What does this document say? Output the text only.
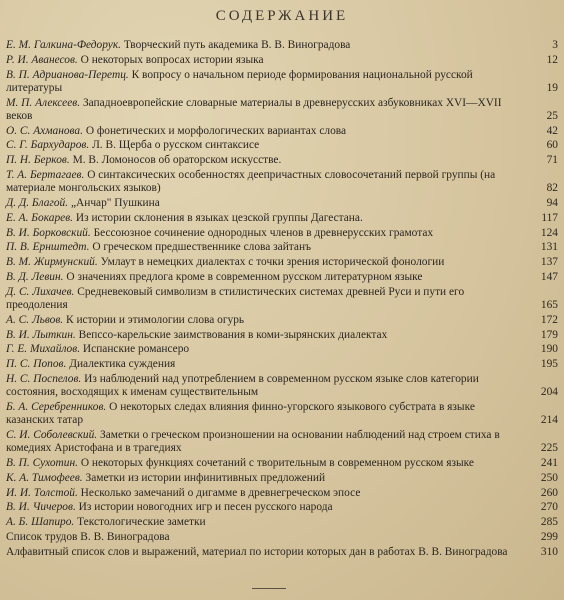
СОДЕРЖАНИЕ
Е. М. Галкина-Федорук. Творческий путь академика В. В. Виноградова	3
Р. И. Аванесов. О некоторых вопросах истории языка	12
В. П. Адрианова-Перетц. К вопросу о начальном периоде формирования национальной русской литературы	19
М. П. Алексеев. Западноевропейские словарные материалы в древнерусских азбуковниках XVI—XVII веков	25
О. С. Ахманова. О фонетических и морфологических вариантах слова	42
С. Г. Бархударов. Л. В. Щерба о русском синтаксисе	60
П. Н. Берков. М. В. Ломоносов об ораторском искусстве.	71
Т. А. Бертагаев. О синтаксических особенностях деепричастных словосочетаний первой группы (на материале монгольских языков)	82
Д. Д. Благой. „Анчар" Пушкина	94
Е. А. Бокарев. Из истории склонения в языках цезской группы Дагестана.	117
В. И. Борковский. Бессоюзное сочинение однородных членов в древнерусских грамотах	124
П. В. Ернштедт. О греческом предшественнике слова зайтанъ	131
В. М. Жирмунский. Умлаут в немецких диалектах с точки зрения исторической фонологии	137
В. Д. Левин. О значениях предлога кроме в современном русском литературном языке	147
Д. С. Лихачев. Средневековый символизм в стилистических системах древней Руси и пути его преодоления	165
А. С. Львов. К истории и этимологии слова огурь	172
В. И. Лыткин. Вепссо-карельские заимствования в коми-зырянских диалектах	179
Г. Е. Михайлов. Испанские романсеро	190
П. С. Попов. Диалектика суждения	195
Н. С. Поспелов. Из наблюдений над употреблением в современном русском языке слов категории состояния, восходящих к именам существительным	204
Б. А. Серебренников. О некоторых следах влияния финно-угорского языкового субстрата в языке казанских татар	214
С. И. Соболевский. Заметки о греческом произношении на основании наблюдений над строем стиха в комедиях Аристофана и в трагедиях	225
В. П. Сухотин. О некоторых функциях сочетаний с творительным в современном русском языке	241
К. А. Тимофеев. Заметки из истории инфинитивных предложений	250
И. И. Толстой. Несколько замечаний о дигамме в древнегреческом эпосе	260
В. И. Чичеров. Из истории новогодних игр и песен русского народа	270
А. Б. Шапиро. Текстологические заметки	285
Список трудов В. В. Виноградова	299
Алфавитный список слов и выражений, материал по истории которых дан в работах В. В. Виноградова	310
